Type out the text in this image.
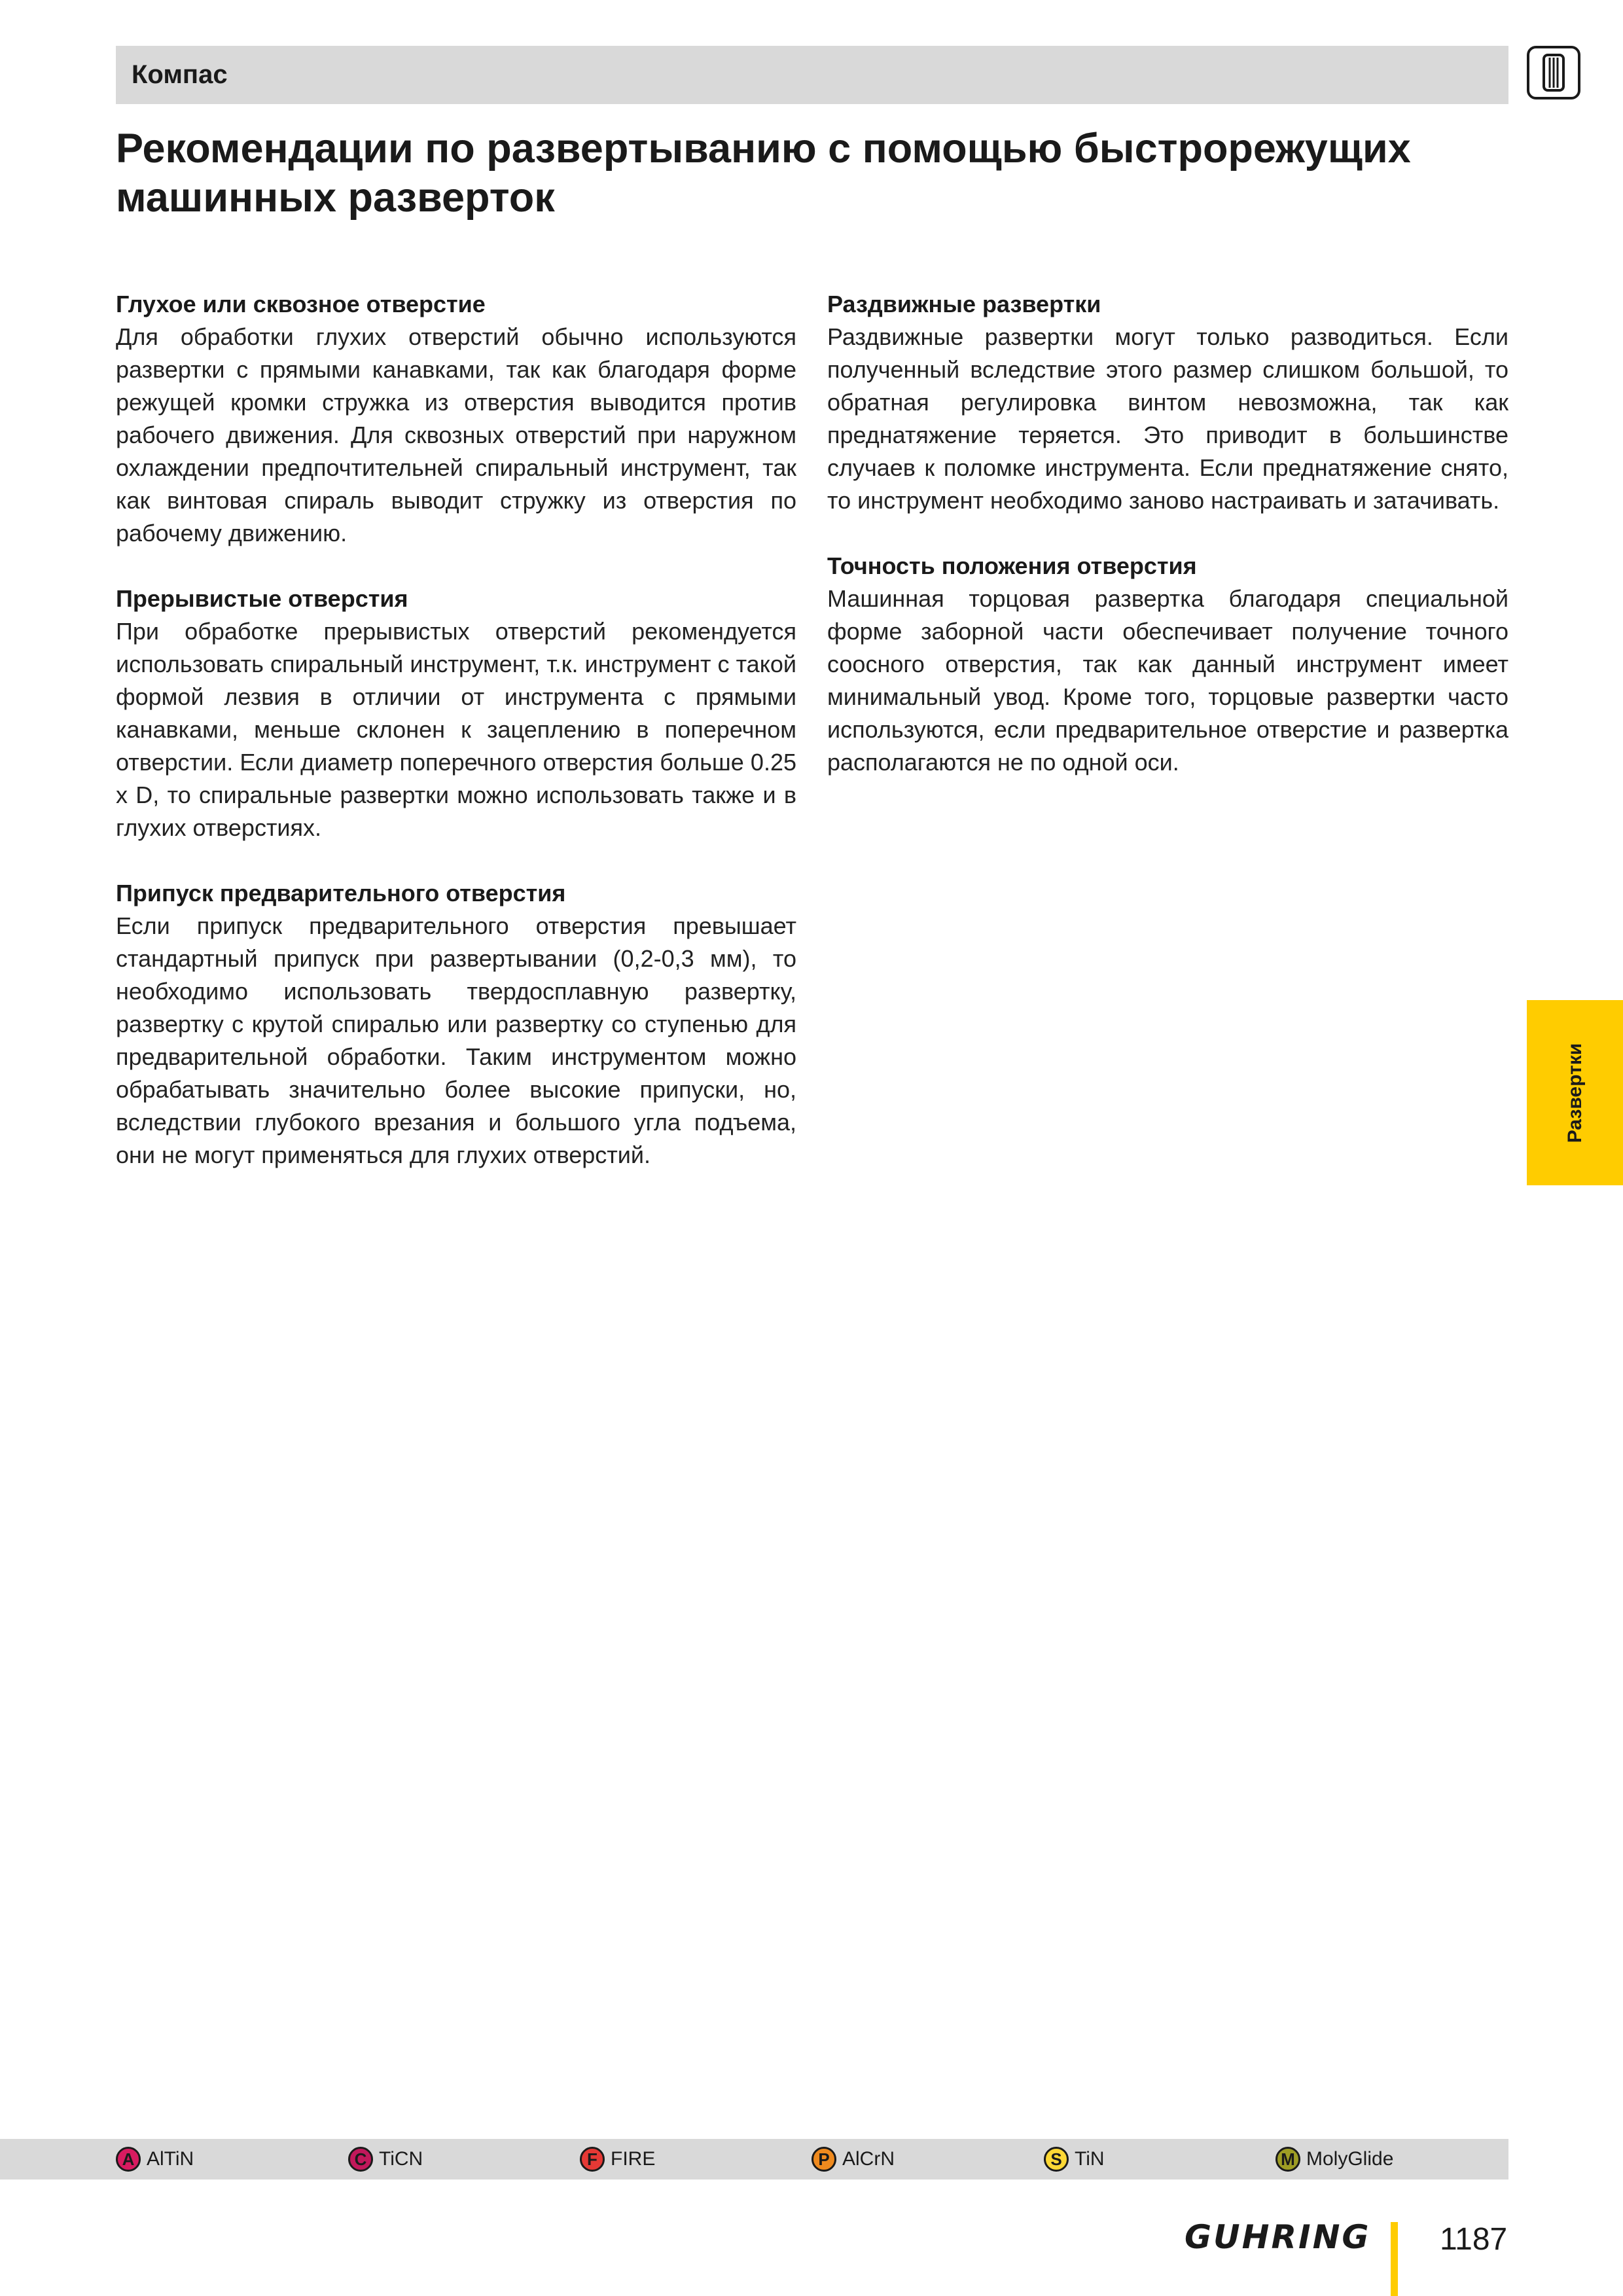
Компас
Рекомендации по развертыванию с помощью быстрорежущих машинных разверток
Глухое или сквозное отверстие

Для обработки глухих отверстий обычно используются развертки с прямыми канавками, так как благодаря форме режущей кромки стружка из отверстия выводится против рабочего движения. Для сквозных отверстий при наружном охлаждении предпочтительней спиральный инструмент, так как винтовая спираль выводит стружку из отверстия по рабочему движению.

Прерывистые отверстия

При обработке прерывистых отверстий рекомендуется использовать спиральный инструмент, т.к. инструмент с такой формой лезвия в отличии от инструмента с прямыми канавками, меньше склонен к зацеплению в поперечном отверстии. Если диаметр поперечного отверстия больше 0.25 x D, то спиральные развертки можно использовать также и в глухих отверстиях.

Припуск предварительного отверстия

Если припуск предварительного отверстия превышает стандартный припуск при развертывании (0,2-0,3 мм), то необходимо использовать твердосплавную развертку, развертку с крутой спиралью или развертку со ступенью для предварительной обработки. Таким инструментом можно обрабатывать значительно более высокие припуски, но, вследствии глубокого врезания и большого угла подъема, они не могут применяться для глухих отверстий.

Раздвижные развертки

Раздвижные развертки могут только разводиться. Если полученный вследствие этого размер слишком большой, то обратная регулировка винтом невозможна, так как преднатяжение теряется. Это приводит в большинстве случаев к поломке инструмента. Если преднатяжение снято, то инструмент необходимо заново настраивать и затачивать.

Точность положения отверстия

Машинная торцовая развертка благодаря специальной форме заборной части обеспечивает получение точного соосного отверстия, так как данный инструмент имеет минимальный увод. Кроме того, торцовые развертки часто используются, если предварительное отверстие и развертка располагаются не по одной оси.

Развертки
A AlTiN	C TiCN	F FIRE	P AlCrN	S TiN	M MolyGlide
GUHRING 1187
